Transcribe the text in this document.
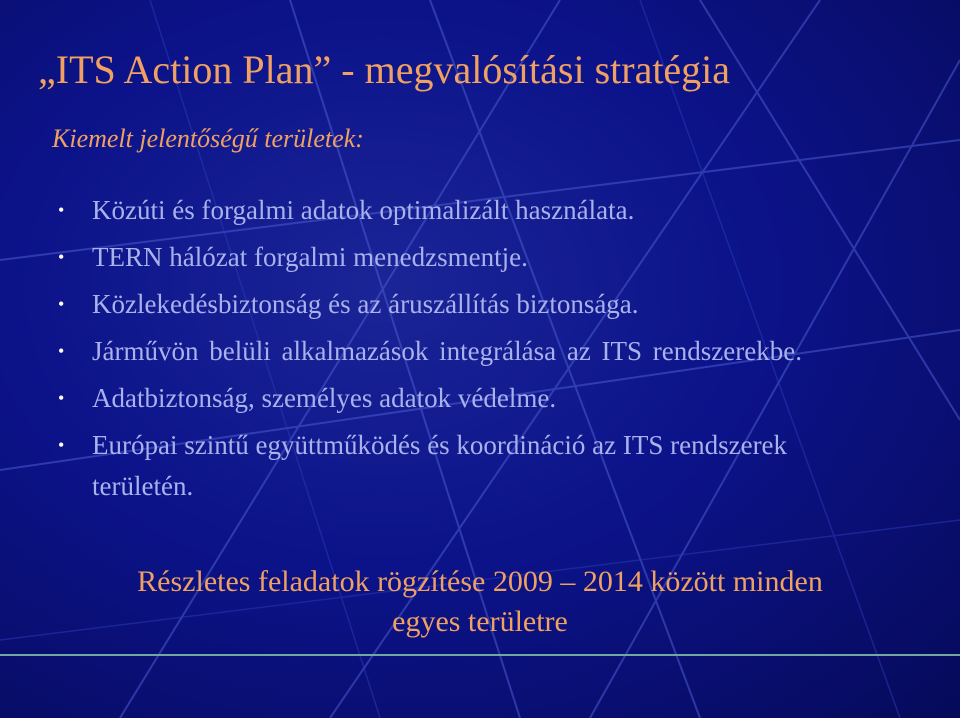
„ITS Action Plan” - megvalósítási stratégia
Kiemelt jelentőségű területek:
• Közúti és forgalmi adatok optimalizált használata.
• TERN hálózat forgalmi menedzsmentje.
• Közlekedésbiztonság és az áruszállítás biztonsága.
• Járművön belüli alkalmazások integrálása az ITS rendszerekbe.
• Adatbiztonság, személyes adatok védelme.
• Európai szintű együttműködés és koordináció az ITS rendszerek területén.
Részletes feladatok rögzítése 2009 – 2014 között minden
egyes területre
